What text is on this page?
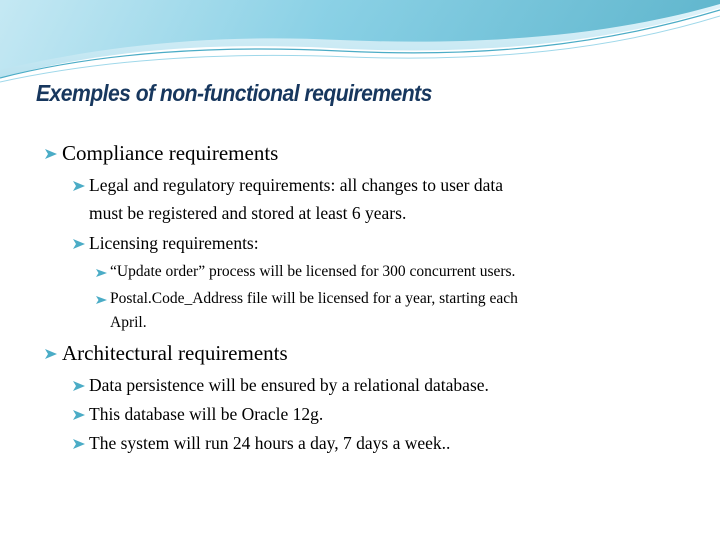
Exemples of non-functional requirements
Compliance requirements
Legal and regulatory requirements: all changes to user data
must be registered and stored at least 6 years.
Licensing requirements:
“Update order” process will be licensed for 300 concurrent users.
Postal.Code_Address file will be licensed for a year, starting each
April.
Architectural requirements
Data persistence will be ensured by a relational database.
This database will be Oracle 12g.
The system will run 24 hours a day, 7 days a week..
